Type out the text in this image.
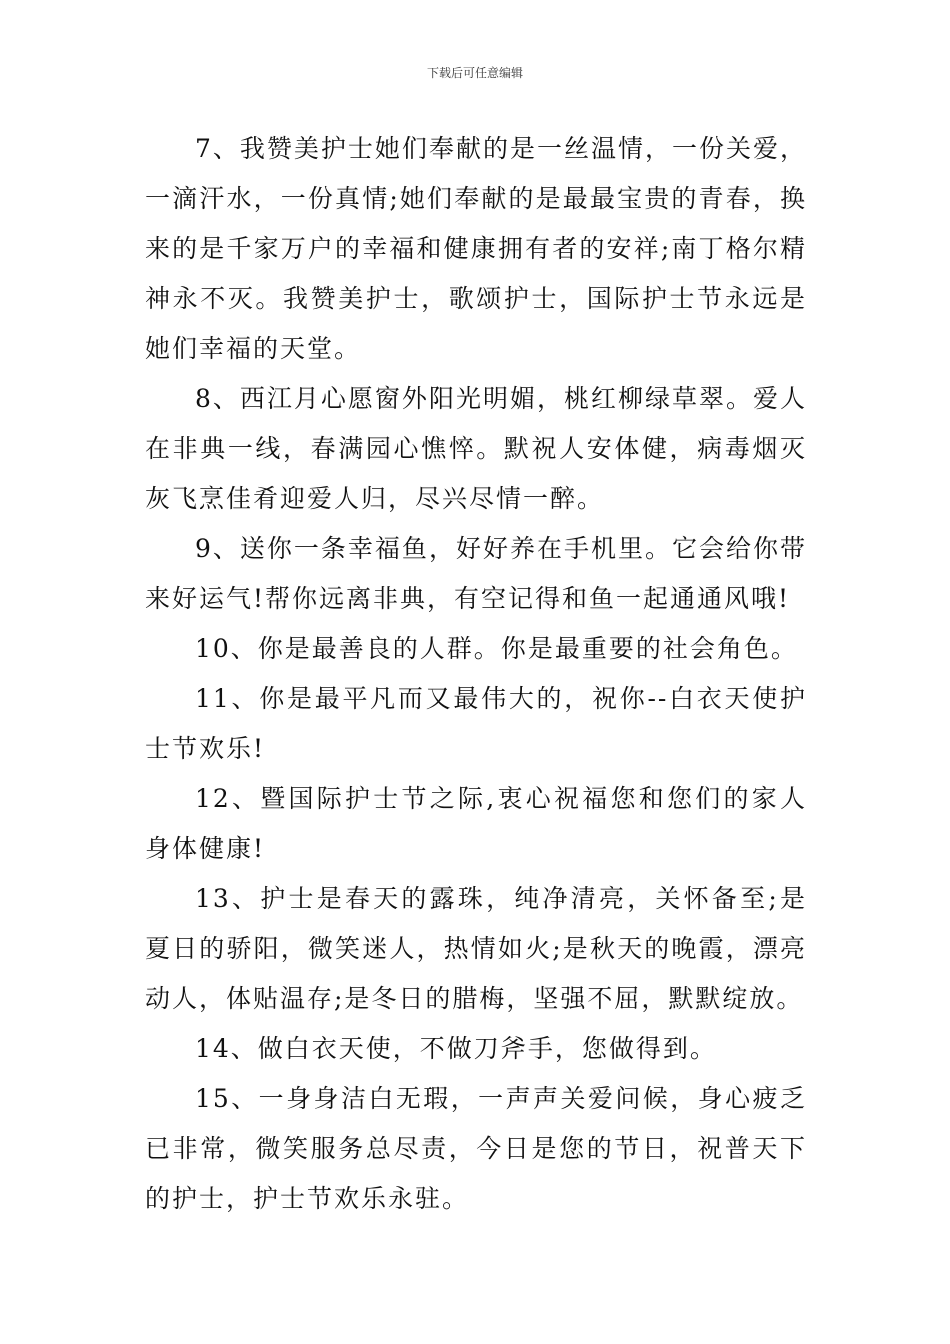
下载后可任意编辑

7、我赞美护士她们奉献的是一丝温情，一份关爱，一滴汗水，一份真情;她们奉献的是最最宝贵的青春，换来的是千家万户的幸福和健康拥有者的安祥;南丁格尔精神永不灭。我赞美护士，歌颂护士，国际护士节永远是她们幸福的天堂。

8、西江月心愿窗外阳光明媚，桃红柳绿草翠。爱人在非典一线，春满园心憔悴。默祝人安体健，病毒烟灭灰飞烹佳肴迎爱人归，尽兴尽情一醉。

9、送你一条幸福鱼，好好养在手机里。它会给你带来好运气!帮你远离非典，有空记得和鱼一起通通风哦!

10、你是最善良的人群。你是最重要的社会角色。

11、你是最平凡而又最伟大的，祝你--白衣天使护士节欢乐!

12、暨国际护士节之际,衷心祝福您和您们的家人身体健康!

13、护士是春天的露珠，纯净清亮，关怀备至;是夏日的骄阳，微笑迷人，热情如火;是秋天的晚霞，漂亮动人，体贴温存;是冬日的腊梅，坚强不屈，默默绽放。

14、做白衣天使，不做刀斧手，您做得到。

15、一身身洁白无瑕，一声声关爱问候，身心疲乏已非常，微笑服务总尽责，今日是您的节日，祝普天下的护士，护士节欢乐永驻。
